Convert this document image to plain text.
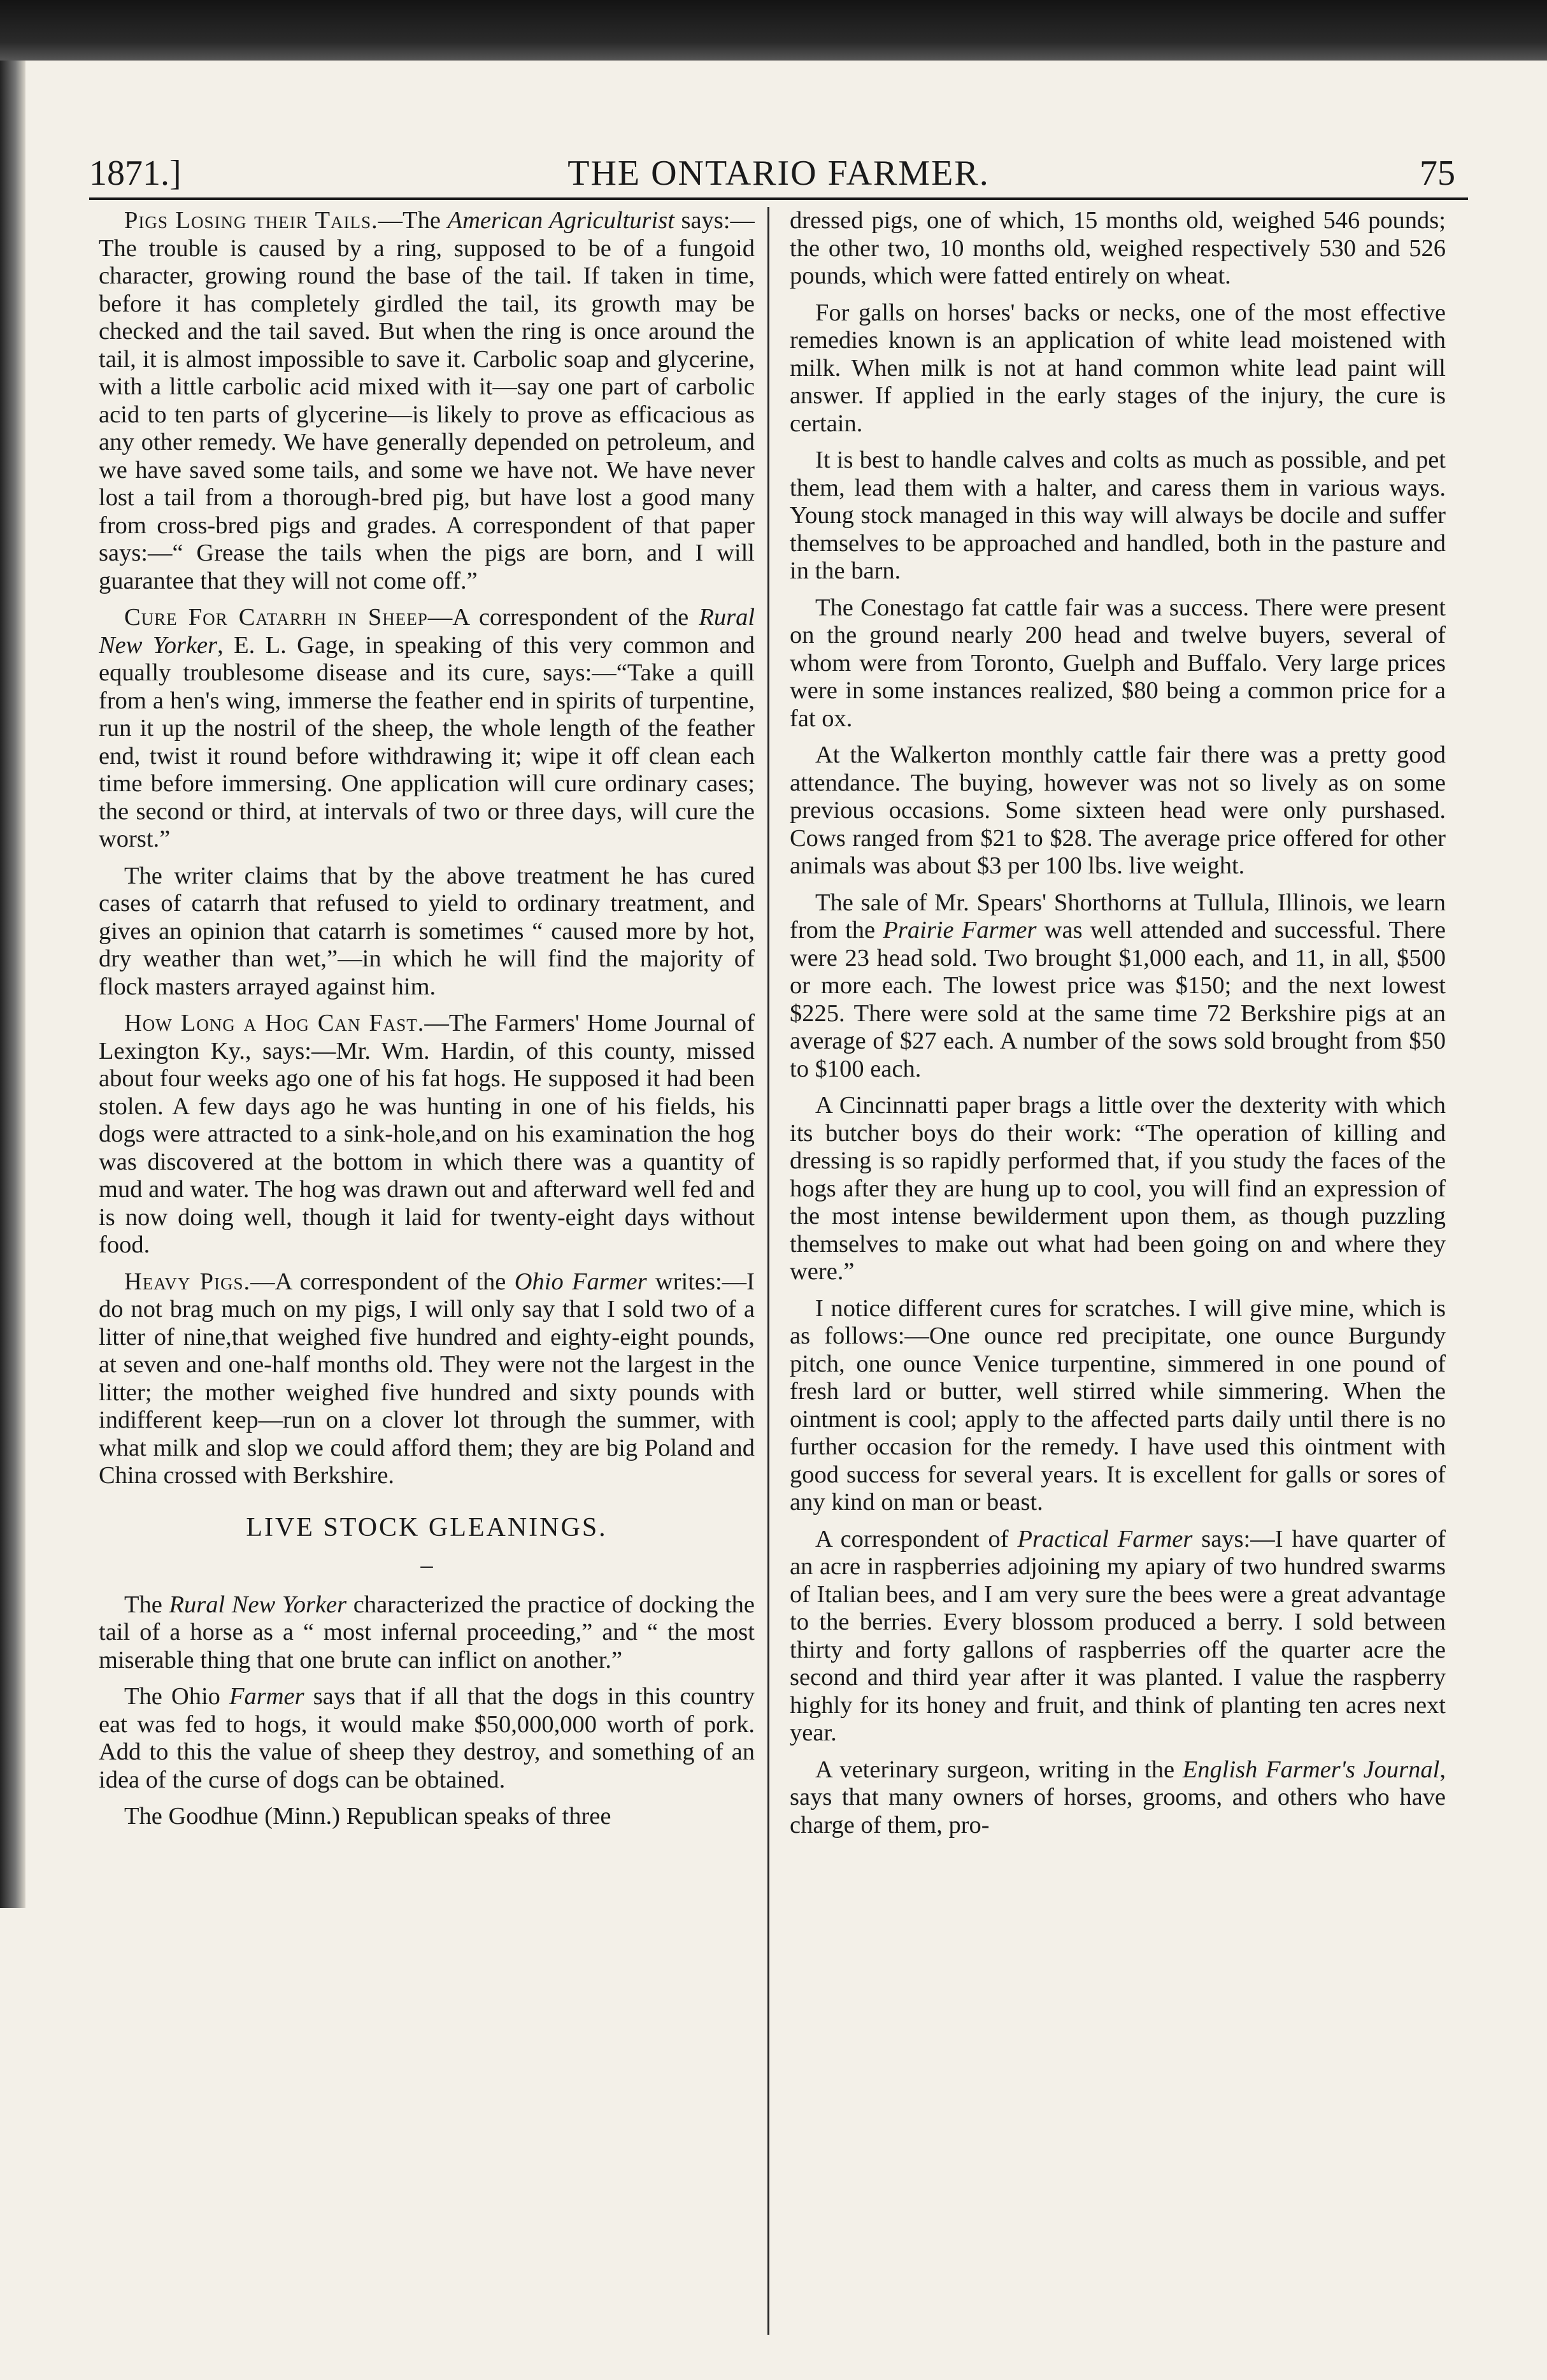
1871.]	THE ONTARIO FARMER.	75

Pigs Losing their Tails.—The American Agriculturist says:—The trouble is caused by a ring, supposed to be of a fungoid character, growing round the base of the tail. If taken in time, before it has completely girdled the tail, its growth may be checked and the tail saved. But when the ring is once around the tail, it is almost impossible to save it. Carbolic soap and glycerine, with a little carbolic acid mixed with it—say one part of carbolic acid to ten parts of glycerine—is likely to prove as efficacious as any other remedy. We have generally depended on petroleum, and we have saved some tails, and some we have not. We have never lost a tail from a thorough-bred pig, but have lost a good many from cross-bred pigs and grades. A correspondent of that paper says:—“ Grease the tails when the pigs are born, and I will guarantee that they will not come off.”

Cure For Catarrh in Sheep—A correspondent of the Rural New Yorker, E. L. Gage, in speaking of this very common and equally troublesome disease and its cure, says:—“Take a quill from a hen's wing, immerse the feather end in spirits of turpentine, run it up the nostril of the sheep, the whole length of the feather end, twist it round before withdrawing it; wipe it off clean each time before immersing. One application will cure ordinary cases; the second or third, at intervals of two or three days, will cure the worst.”

The writer claims that by the above treatment he has cured cases of catarrh that refused to yield to ordinary treatment, and gives an opinion that catarrh is sometimes “ caused more by hot, dry weather than wet,”—in which he will find the majority of flock masters arrayed against him.

How Long a Hog Can Fast.—The Farmers' Home Journal of Lexington Ky., says:—Mr. Wm. Hardin, of this county, missed about four weeks ago one of his fat hogs. He supposed it had been stolen. A few days ago he was hunting in one of his fields, his dogs were attracted to a sink-hole,and on his examination the hog was discovered at the bottom in which there was a quantity of mud and water. The hog was drawn out and afterward well fed and is now doing well, though it laid for twenty-eight days without food.

Heavy Pigs.—A correspondent of the Ohio Farmer writes:—I do not brag much on my pigs, I will only say that I sold two of a litter of nine,that weighed five hundred and eighty-eight pounds, at seven and one-half months old. They were not the largest in the litter; the mother weighed five hundred and sixty pounds with indifferent keep—run on a clover lot through the summer, with what milk and slop we could afford them; they are big Poland and China crossed with Berkshire.

LIVE STOCK GLEANINGS.
–

The Rural New Yorker characterized the practice of docking the tail of a horse as a “ most infernal proceeding,” and “ the most miserable thing that one brute can inflict on another.”

The Ohio Farmer says that if all that the dogs in this country eat was fed to hogs, it would make $50,000,000 worth of pork. Add to this the value of sheep they destroy, and something of an idea of the curse of dogs can be obtained.

The Goodhue (Minn.) Republican speaks of three

dressed pigs, one of which, 15 months old, weighed 546 pounds; the other two, 10 months old, weighed respectively 530 and 526 pounds, which were fatted entirely on wheat.

For galls on horses' backs or necks, one of the most effective remedies known is an application of white lead moistened with milk. When milk is not at hand common white lead paint will answer. If applied in the early stages of the injury, the cure is certain.

It is best to handle calves and colts as much as possible, and pet them, lead them with a halter, and caress them in various ways. Young stock managed in this way will always be docile and suffer themselves to be approached and handled, both in the pasture and in the barn.

The Conestago fat cattle fair was a success. There were present on the ground nearly 200 head and twelve buyers, several of whom were from Toronto, Guelph and Buffalo. Very large prices were in some instances realized, $80 being a common price for a fat ox.

At the Walkerton monthly cattle fair there was a pretty good attendance. The buying, however was not so lively as on some previous occasions. Some sixteen head were only purshased. Cows ranged from $21 to $28. The average price offered for other animals was about $3 per 100 lbs. live weight.

The sale of Mr. Spears' Shorthorns at Tullula, Illinois, we learn from the Prairie Farmer was well attended and successful. There were 23 head sold. Two brought $1,000 each, and 11, in all, $500 or more each. The lowest price was $150; and the next lowest $225. There were sold at the same time 72 Berkshire pigs at an average of $27 each. A number of the sows sold brought from $50 to $100 each.

A Cincinnatti paper brags a little over the dexterity with which its butcher boys do their work: “The operation of killing and dressing is so rapidly performed that, if you study the faces of the hogs after they are hung up to cool, you will find an expression of the most intense bewilderment upon them, as though puzzling themselves to make out what had been going on and where they were.”

I notice different cures for scratches. I will give mine, which is as follows:—One ounce red precipitate, one ounce Burgundy pitch, one ounce Venice turpentine, simmered in one pound of fresh lard or butter, well stirred while simmering. When the ointment is cool; apply to the affected parts daily until there is no further occasion for the remedy. I have used this ointment with good success for several years. It is excellent for galls or sores of any kind on man or beast.

A correspondent of Practical Farmer says:—I have quarter of an acre in raspberries adjoining my apiary of two hundred swarms of Italian bees, and I am very sure the bees were a great advantage to the berries. Every blossom produced a berry. I sold between thirty and forty gallons of raspberries off the quarter acre the second and third year after it was planted. I value the raspberry highly for its honey and fruit, and think of planting ten acres next year.

A veterinary surgeon, writing in the English Farmer's Journal, says that many owners of horses, grooms, and others who have charge of them, pro-
